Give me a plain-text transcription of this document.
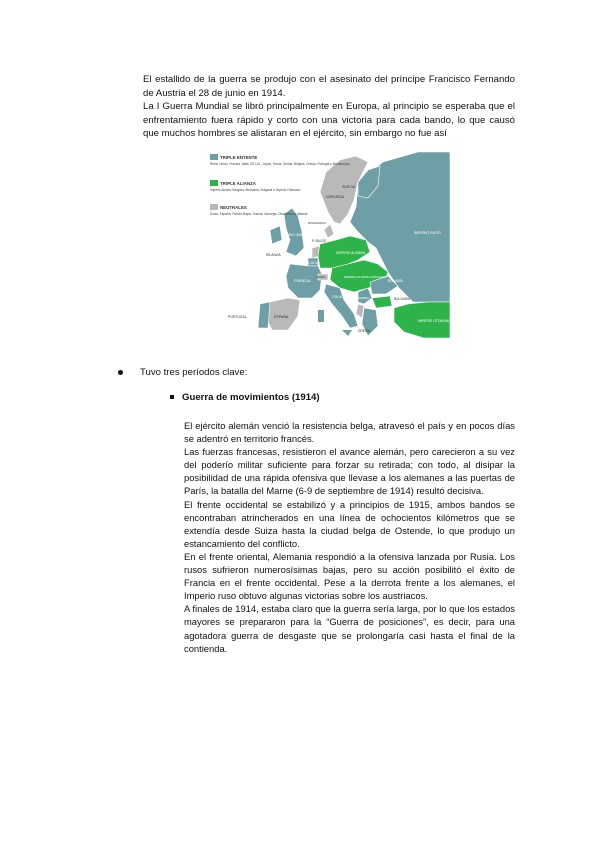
El estallido de la guerra se produjo con el asesinato del príncipe Francisco Fernando de Austria el 28 de junio en 1914.

La I Guerra Mundial se libró principalmente en Europa, al principio se esperaba que el enfrentamiento fuera rápido y corto con una victoria para cada bando, lo que causó que muchos hombres se alistaran en el ejército, sin embargo no fue así

TRIPLE ENTENTE
Reino Unido, Francia, Italia, EE.UU., Japón, Rusia, Serbia, Bélgica, Grecia, Portugal y Montenegro
TRIPLE ALIANZA
Imperio Austro-Húngaro, Alemania, Bulgaria e Imperio Otomano
NEUTRALES
Suiza, España, Países Bajos, Suecia, Noruega, Dinamarca y Albania
NORUEGA
SUECIA
REINO UNIDO
IRLANDA
P. BAJOS
BÉLGICA
FRANCIA
SUIZA
ESPAÑA
PORTUGAL
ITALIA
IMPERIO ALEMÁN
IMPERIO AUSTRO-HÚNGARO
IMPERIO RUSO
SERBIA	BULGARIA
IMPERIO OTOMANO
GRECIA
RUMANÍA
DINAMARCA
Tuvo tres períodos clave:
Guerra de movimientos (1914)

El ejército alemán venció la resistencia belga, atravesó el país y en pocos días se adentró en territorio francés.

Las fuerzas francesas, resistieron el avance alemán, pero carecieron a su vez del poderío militar suficiente para forzar su retirada; con todo, al disipar la posibilidad de una rápida ofensiva que llevase a los alemanes a las puertas de París, la batalla del Marne (6-9 de septiembre de 1914) resultó decisiva.

El frente occidental se estabilizó y a principios de 1915, ambos bandos se encontraban atrincherados en una línea de ochocientos kilómetros que se extendía desde Suiza hasta la ciudad belga de Ostende, lo que produjo un estancamiento del conflicto.

En el frente oriental, Alemania respondió a la ofensiva lanzada por Rusia. Los rusos sufrieron numerosísimas bajas, pero su acción posibilitó el éxito de Francia en el frente occidental. Pese a la derrota frente a los alemanes, el Imperio ruso obtuvo algunas victorias sobre los austriacos.

A finales de 1914, estaba claro que la guerra sería larga, por lo que los estados mayores se prepararon para la “Guerra de posiciones”, es decir, para una agotadora guerra de desgaste que se prolongaría casi hasta el final de la contienda.
